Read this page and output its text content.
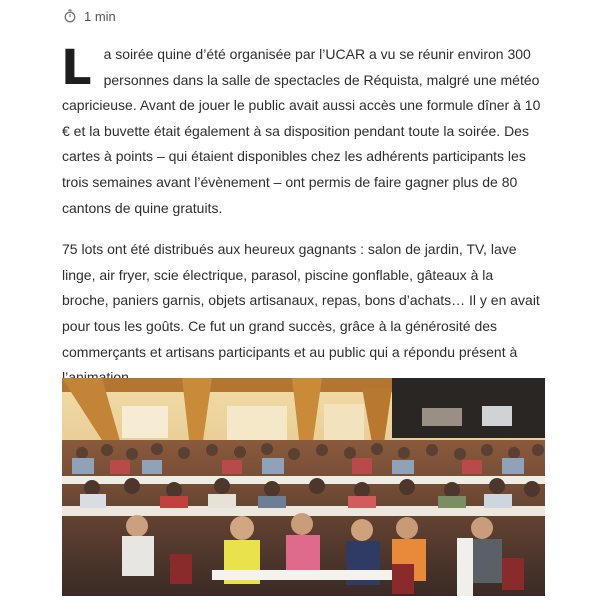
1 min

La soirée quine d’été organisée par l’UCAR a vu se réunir environ 300 personnes dans la salle de spectacles de Réquista, malgré une météo capricieuse. Avant de jouer le public avait aussi accès une formule dîner à 10 € et la buvette était également à sa disposition pendant toute la soirée. Des cartes à points – qui étaient disponibles chez les adhérents participants les trois semaines avant l’évènement – ont permis de faire gagner plus de 80 cantons de quine gratuits.

75 lots ont été distribués aux heureux gagnants : salon de jardin, TV, lave linge, air fryer, scie électrique, parasol, piscine gonflable, gâteaux à la broche, paniers garnis, objets artisanaux, repas, bons d’achats… Il y en avait pour tous les goûts. Ce fut un grand succès, grâce à la générosité des commerçants et artisans participants et au public qui a répondu présent à
